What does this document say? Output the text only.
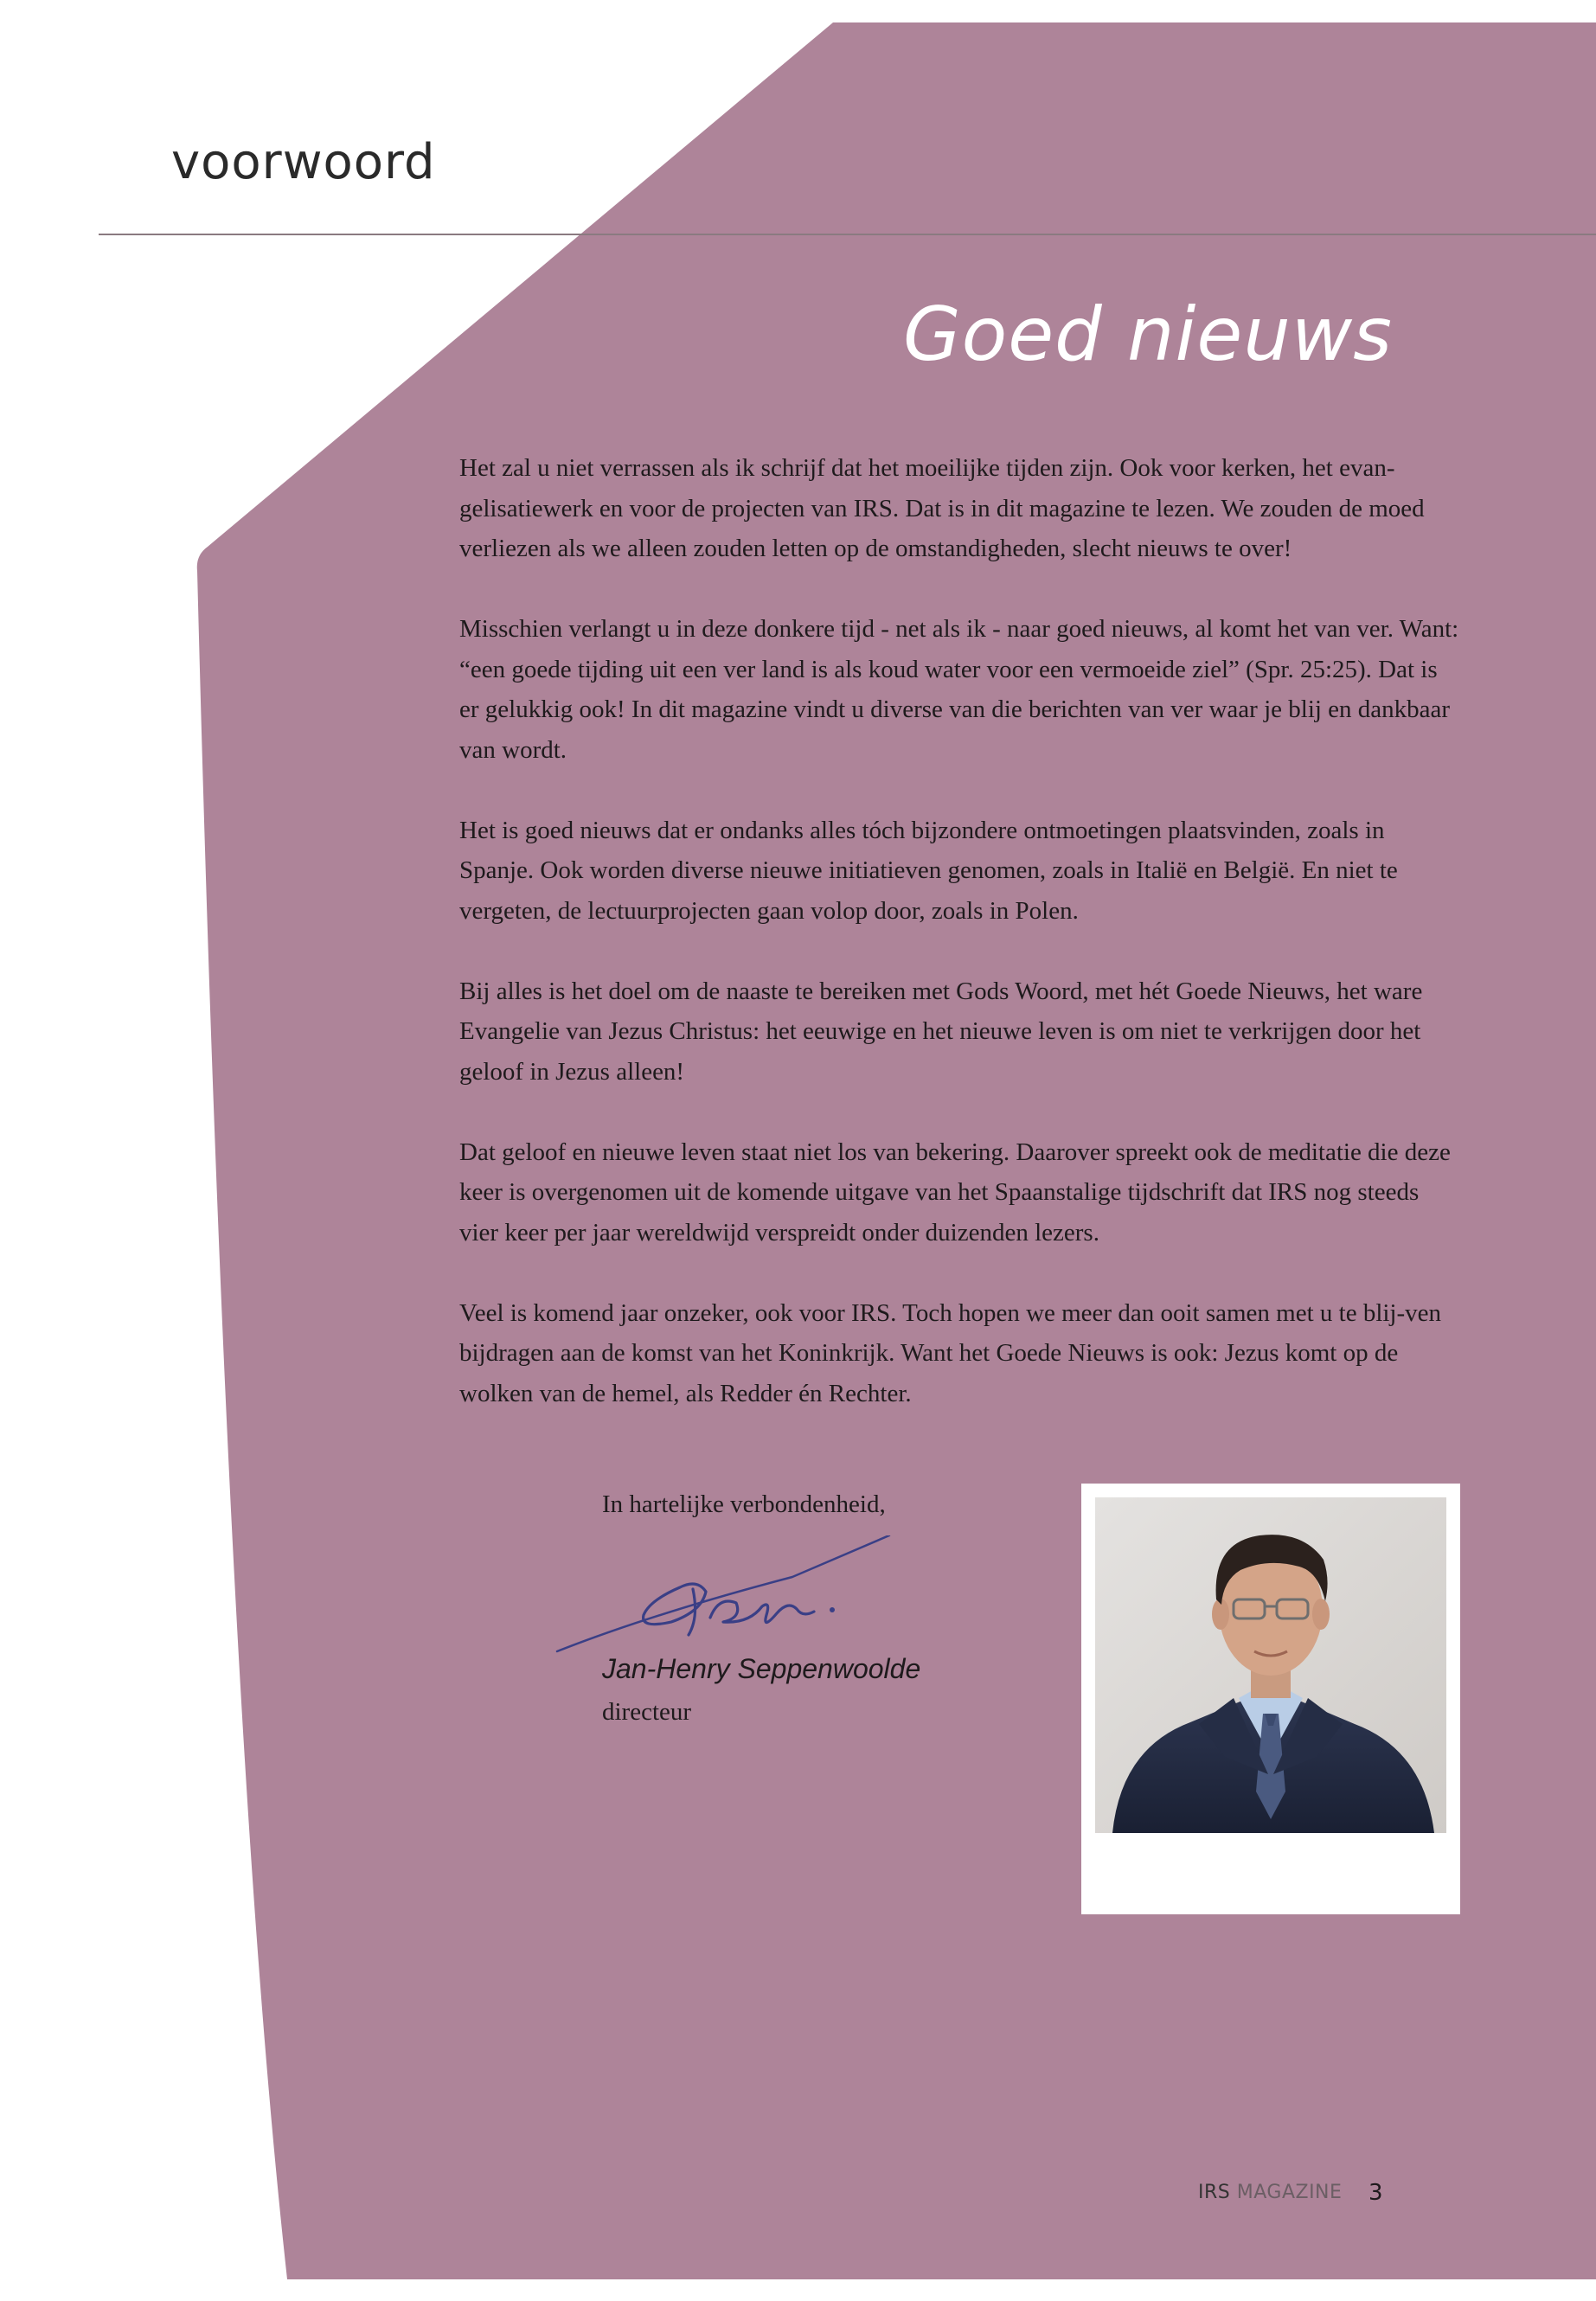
voorwoord
Goed nieuws

Het zal u niet verrassen als ik schrijf dat het moeilijke tijden zijn. Ook voor kerken, het evan-gelisatiewerk en voor de projecten van IRS. Dat is in dit magazine te lezen. We zouden de moed verliezen als we alleen zouden letten op de omstandigheden, slecht nieuws te over!

Misschien verlangt u in deze donkere tijd - net als ik - naar goed nieuws, al komt het van ver. Want: “een goede tijding uit een ver land is als koud water voor een vermoeide ziel” (Spr. 25:25). Dat is er gelukkig ook! In dit magazine vindt u diverse van die berichten van ver waar je blij en dankbaar van wordt.

Het is goed nieuws dat er ondanks alles tóch bijzondere ontmoetingen plaatsvinden, zoals in Spanje. Ook worden diverse nieuwe initiatieven genomen, zoals in Italië en België. En niet te vergeten, de lectuurprojecten gaan volop door, zoals in Polen.

Bij alles is het doel om de naaste te bereiken met Gods Woord, met hét Goede Nieuws, het ware Evangelie van Jezus Christus: het eeuwige en het nieuwe leven is om niet te verkrijgen door het geloof in Jezus alleen!

Dat geloof en nieuwe leven staat niet los van bekering. Daarover spreekt ook de meditatie die deze keer is overgenomen uit de komende uitgave van het Spaanstalige tijdschrift dat IRS nog steeds vier keer per jaar wereldwijd verspreidt onder duizenden lezers.

Veel is komend jaar onzeker, ook voor IRS. Toch hopen we meer dan ooit samen met u te blij-ven bijdragen aan de komst van het Koninkrijk. Want het Goede Nieuws is ook: Jezus komt op de wolken van de hemel, als Redder én Rechter.

In hartelijke verbondenheid,
Jan-Henry Seppenwoolde
directeur
IRS MAGAZINE 3
